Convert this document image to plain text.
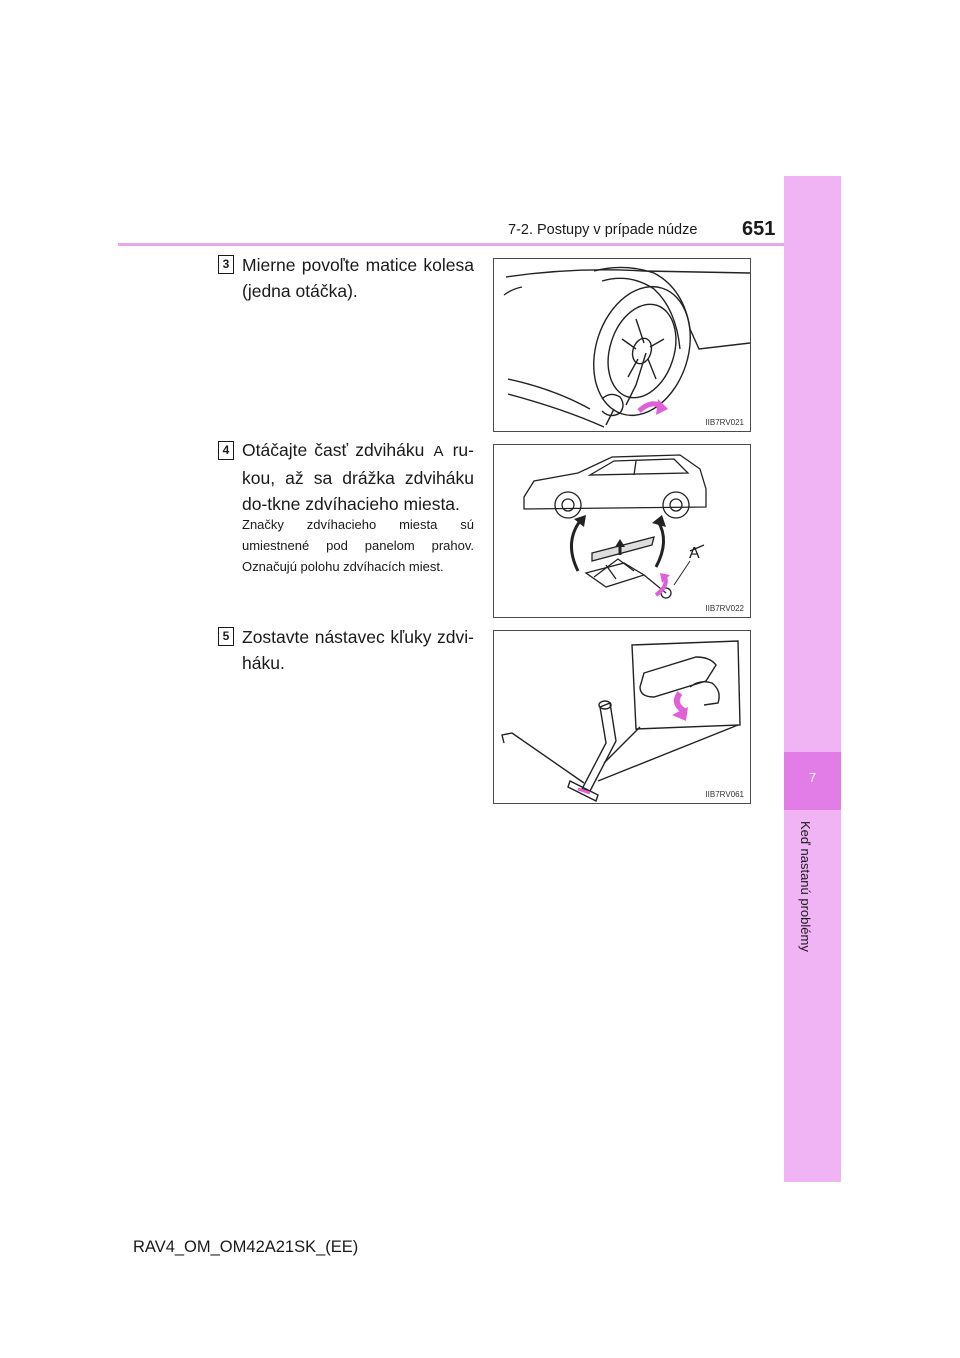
7
Keď nastanú problémy
7-2. Postupy v prípade núdze 651
3 Mierne povoľte matice kolesa (jedna otáčka).
IIB7RV021
4 Otáčajte časť zdviháku A ru-kou, až sa drážka zdviháku do-tkne zdvíhacieho miesta.
Značky zdvíhacieho miesta sú umiestnené pod panelom prahov. Označujú polohu zdvíhacích miest.
A
IIB7RV022
5 Zostavte nástavec kľuky zdvi-háku.
IIB7RV061
RAV4_OM_OM42A21SK_(EE)
